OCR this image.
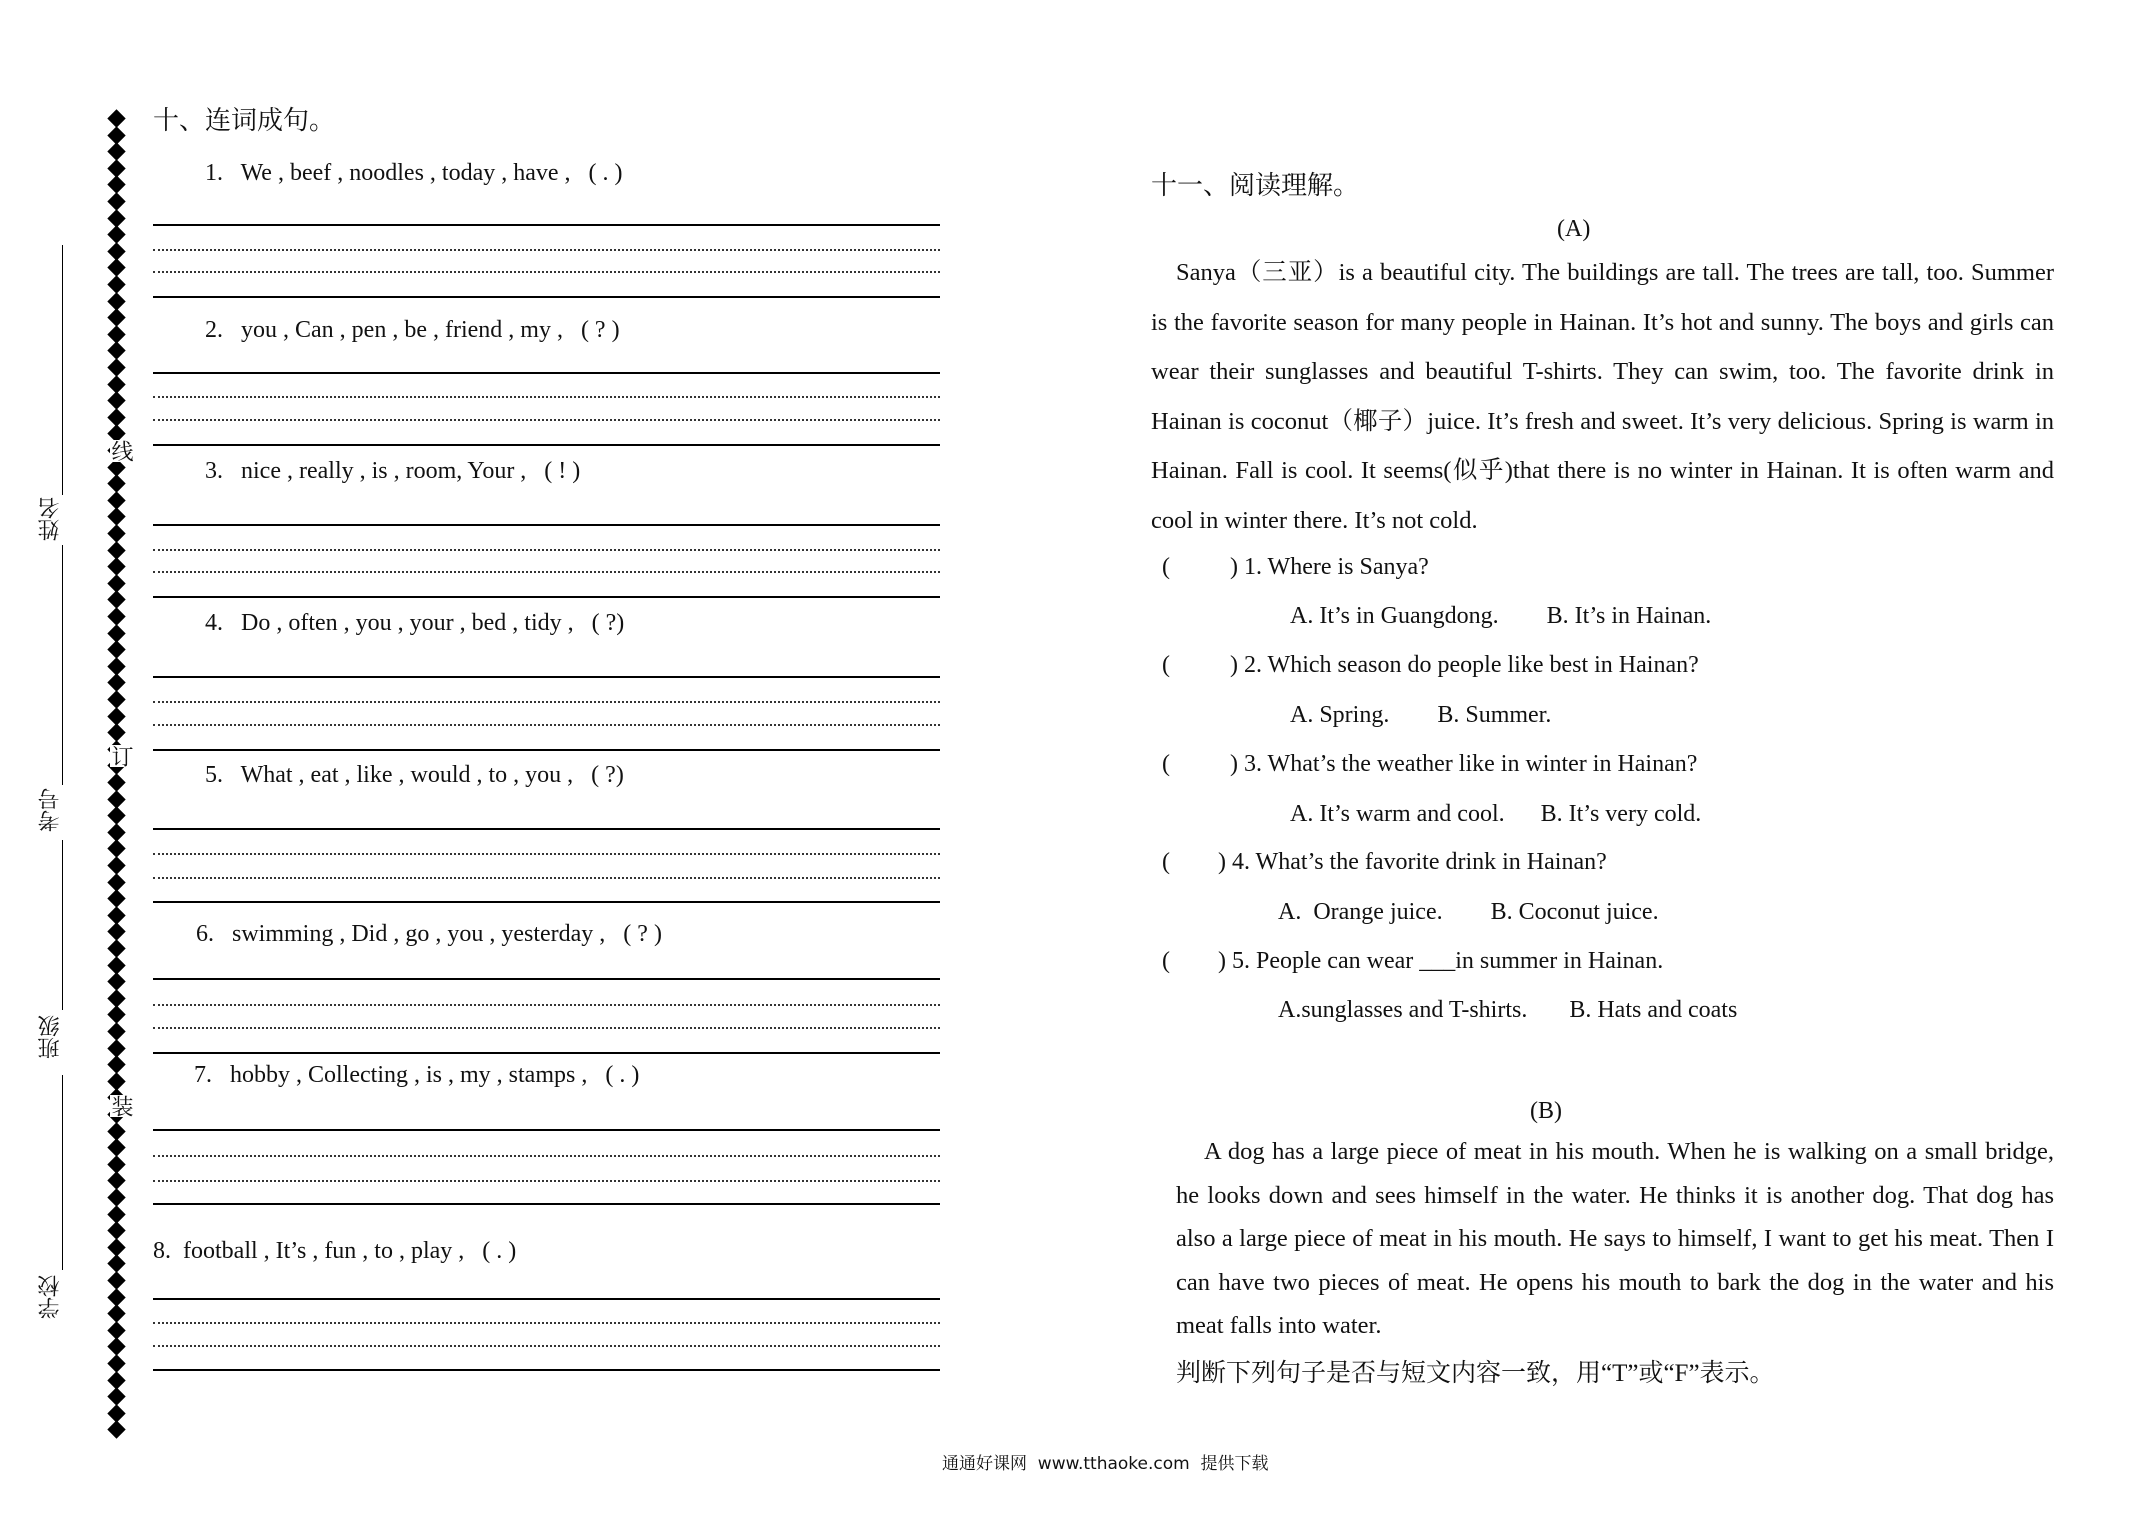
装
订
线
姓名
考号
班级
学校
十、连词成句。
1.   We , beef , noodles , today , have ,   ( . )
2.   you , Can , pen , be , friend , my ,   ( ? )
3.   nice , really , is , room, Your ,   ( ! )
4.   Do , often , you , your , bed , tidy ,   ( ?)
5.   What , eat , like , would , to , you ,   ( ?)
6.   swimming , Did , go , you , yesterday ,   ( ? )
7.   hobby , Collecting , is , my , stamps ,   ( . )
8.  football , It’s , fun , to , play ,   ( . )
十一、阅读理解。
(A)
Sanya（三亚）is a beautiful city. The buildings are tall. The trees are tall, too. Summer is the favorite season for many people in Hainan. It’s hot and sunny. The boys and girls can wear their sunglasses and beautiful T-shirts. They can swim, too. The favorite drink in Hainan is coconut（椰子）juice. It’s fresh and sweet. It’s very delicious. Spring is warm in Hainan. Fall is cool. It seems(似乎)that there is no winter in Hainan. It is often warm and cool in winter there. It’s not cold.
(          ) 1. Where is Sanya?
A. It’s in Guangdong.        B. It’s in Hainan.
(          ) 2. Which season do people like best in Hainan?
A. Spring.        B. Summer.
(          ) 3. What’s the weather like in winter in Hainan?
A. It’s warm and cool.      B. It’s very cold.
(        ) 4. What’s the favorite drink in Hainan?
A.  Orange juice.        B. Coconut juice.
(        ) 5. People can wear ___in summer in Hainan.
A.sunglasses and T-shirts.       B. Hats and coats
(B)
A dog has a large piece of meat in his mouth. When he is walking on a small bridge, he looks down and sees himself in the water. He thinks it is another dog. That dog has also a large piece of meat in his mouth. He says to himself, I want to get his meat. Then I can have two pieces of meat. He opens his mouth to bark the dog in the water and his meat falls into water.
判断下列句子是否与短文内容一致，用“T”或“F”表示。
通通好课网  www.tthaoke.com  提供下载
